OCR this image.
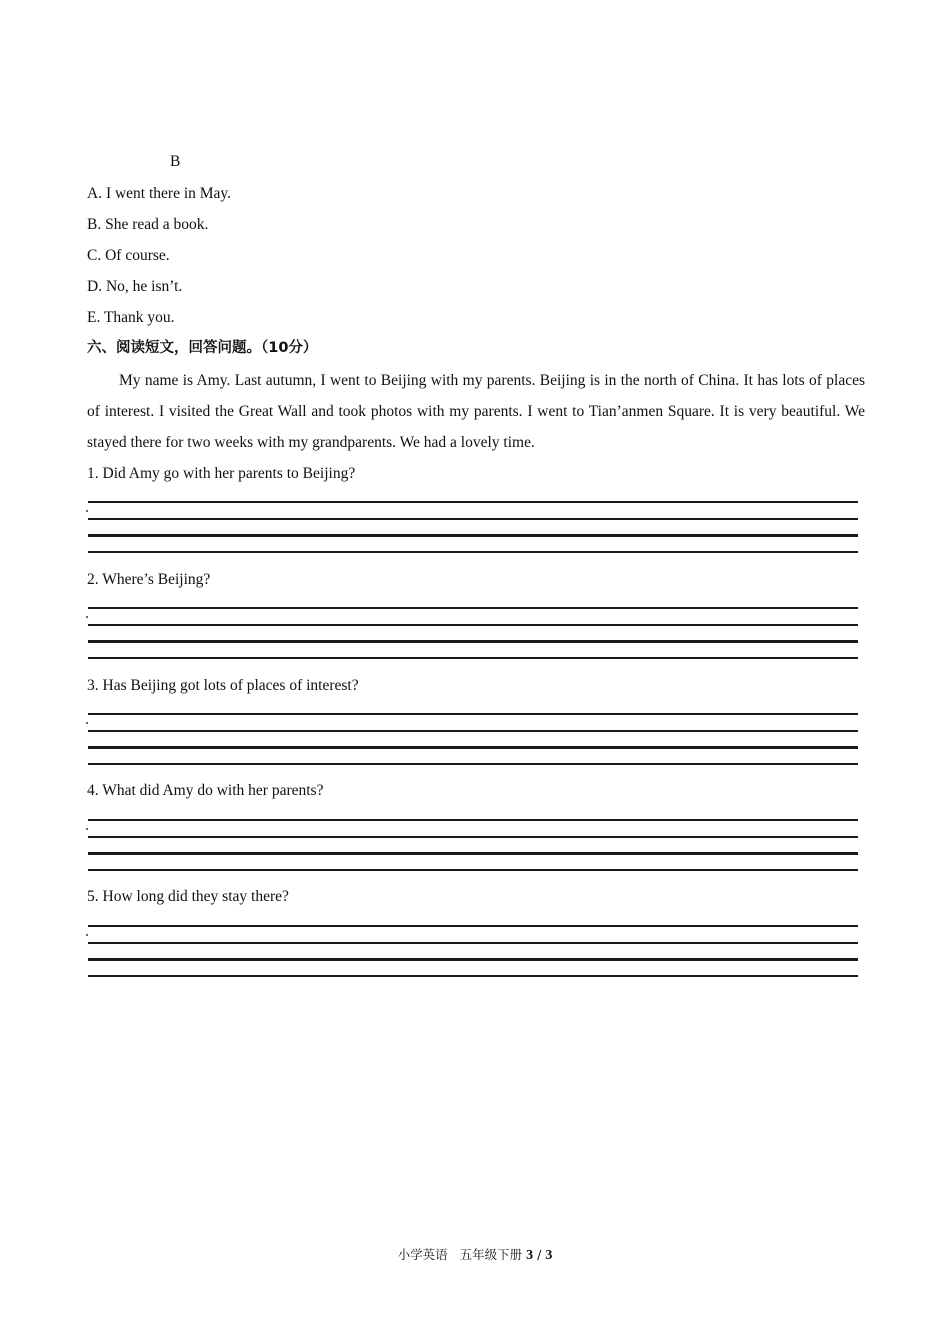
B
A. I went there in May.
B. She read a book.
C. Of course.
D. No, he isn’t.
E. Thank you.
六、阅读短文，回答问题。（10分）

My name is Amy. Last autumn, I went to Beijing with my parents. Beijing is in the north of China. It has lots of places of interest. I visited the Great Wall and took photos with my parents. I went to Tian’anmen Square. It is very beautiful. We stayed there for two weeks with my grandparents. We had a lovely time.

1. Did Amy go with her parents to Beijing?
2. Where’s Beijing?
3. Has Beijing got lots of places of interest?
4. What did Amy do with her parents?
5. How long did they stay there?
小学英语 五年级下册 3 / 3
